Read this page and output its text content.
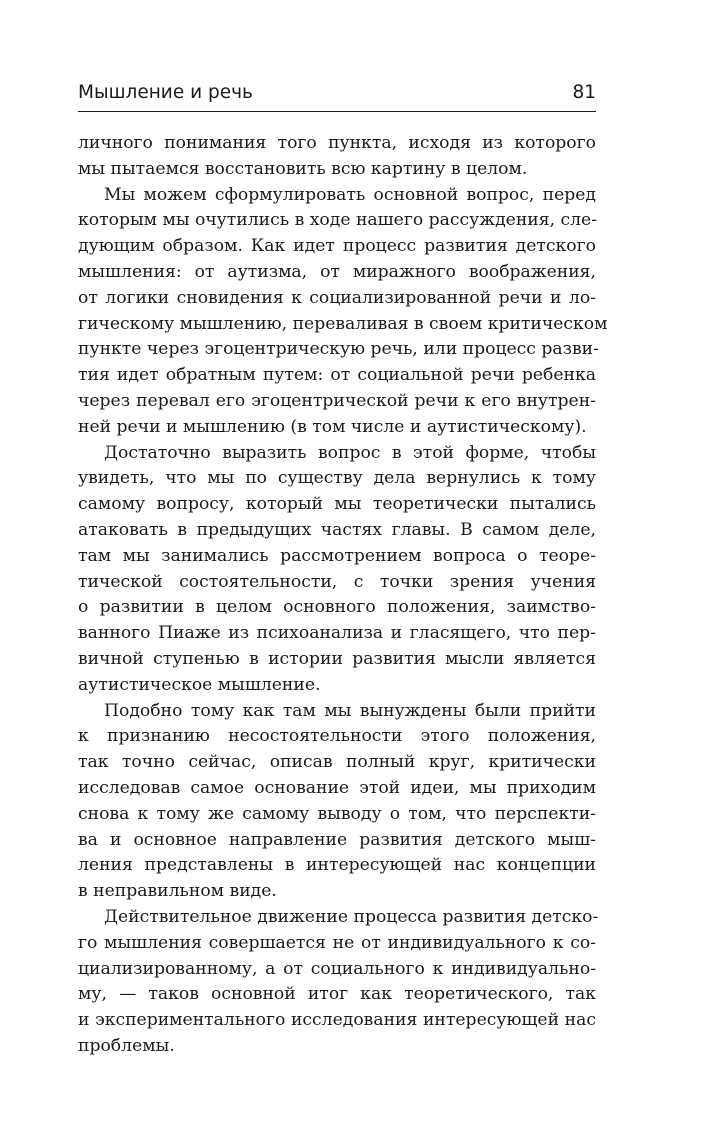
Мышление и речь	81

личного понимания того пункта, исходя из которого
мы пытаемся восстановить всю картину в целом.

Мы можем сформулировать основной вопрос, перед
которым мы очутились в ходе нашего рассуждения, сле-
дующим образом. Как идет процесс развития детского
мышления: от аутизма, от миражного воображения,
от логики сновидения к социализированной речи и ло-
гическому мышлению, переваливая в своем критическом
пункте через эгоцентрическую речь, или процесс разви-
тия идет обратным путем: от социальной речи ребенка
через перевал его эгоцентрической речи к его внутрен-
ней речи и мышлению (в том числе и аутистическому).

Достаточно выразить вопрос в этой форме, чтобы
увидеть, что мы по существу дела вернулись к тому
самому вопросу, который мы теоретически пытались
атаковать в предыдущих частях главы. В самом деле,
там мы занимались рассмотрением вопроса о теоре-
тической состоятельности, с точки зрения учения
о развитии в целом основного положения, заимство-
ванного Пиаже из психоанализа и гласящего, что пер-
вичной ступенью в истории развития мысли является
аутистическое мышление.

Подобно тому как там мы вынуждены были прийти
к признанию несостоятельности этого положения,
так точно сейчас, описав полный круг, критически
исследовав самое основание этой идеи, мы приходим
снова к тому же самому выводу о том, что перспекти-
ва и основное направление развития детского мыш-
ления представлены в интересующей нас концепции
в неправильном виде.

Действительное движение процесса развития детско-
го мышления совершается не от индивидуального к со-
циализированному, а от социального к индивидуально-
му, — таков основной итог как теоретического, так
и экспериментального исследования интересующей нас
проблемы.
